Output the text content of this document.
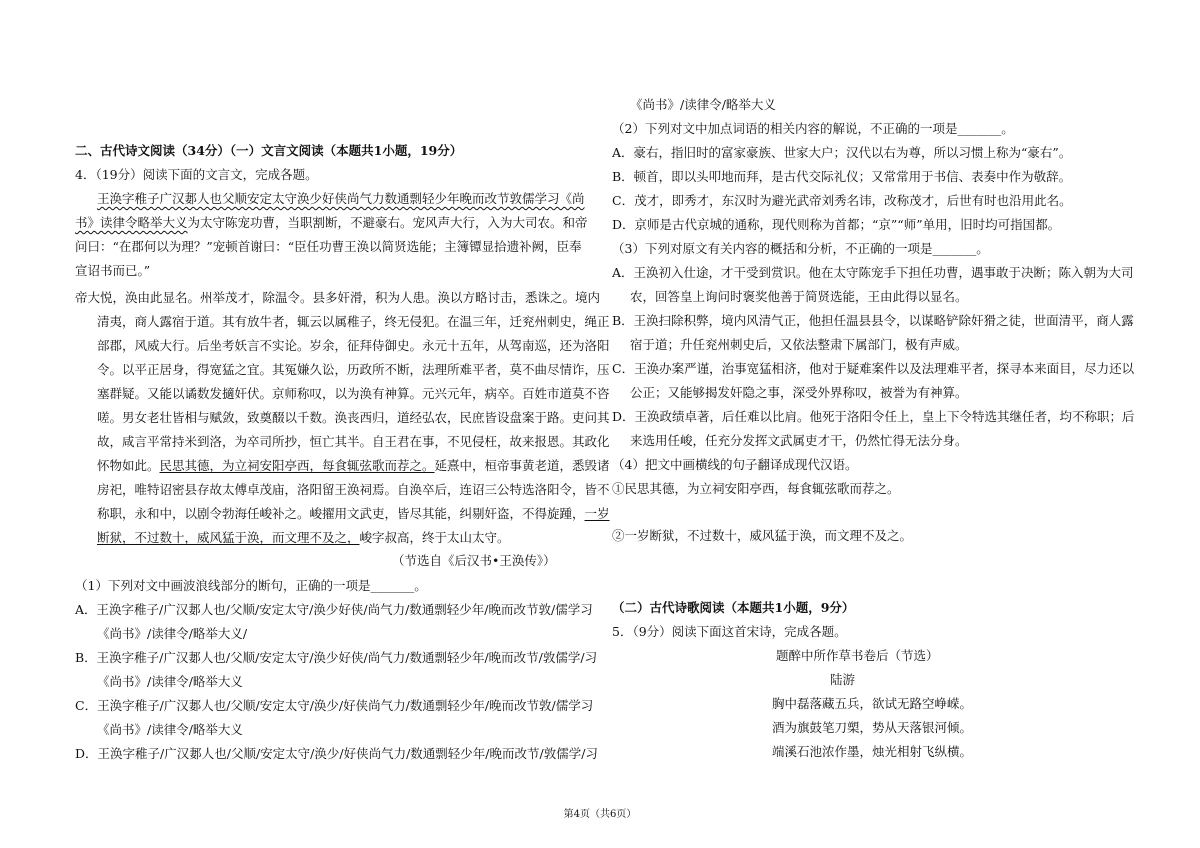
二、古代诗文阅读（34分）（一）文言文阅读（本题共1小题，19分）
4．（19分）阅读下面的文言文，完成各题。
王涣字稚子广汉郪人也父顺安定太守涣少好侠尚气力数通剽轻少年晚而改节敦儒学习《尚
书》读律令略举大义为太守陈宠功曹，当职割断，不避豪右。宠风声大行，入为大司农。和帝
问曰：“在郡何以为理？”宠顿首谢曰：“臣任功曹王涣以简贤选能；主簿镡显拾遗补阙，臣奉
宣诏书而已。”
帝大悦，涣由此显名。州举茂才，除温令。县多奸滑，积为人患。涣以方略讨击，悉诛之。境内
清夷，商人露宿于道。其有放牛者，辄云以属稚子，终无侵犯。在温三年，迁兖州刺史，绳正
部郡，风威大行。后坐考妖言不实论。岁余，征拜侍御史。永元十五年，从驾南巡，还为洛阳
令。以平正居身，得宽猛之宜。其冤嫌久讼，历政所不断，法理所难平者，莫不曲尽情诈，压
塞群疑。又能以谲数发擿奸伏。京师称叹，以为涣有神算。元兴元年，病卒。百姓市道莫不咨
嗟。男女老壮皆相与赋敛，致奠醊以千数。涣丧西归，道经弘农，民庶皆设盘案于路。吏问其
故，咸言平常持米到洛，为卒司所抄，恒亡其半。自王君在事，不见侵枉，故来报恩。其政化
怀物如此。民思其德，为立祠安阳亭西，每食辄弦歌而荐之。延熹中，桓帝事黄老道，悉毁诸
房祀，唯特诏密县存故太傅卓茂庙，洛阳留王涣祠焉。自涣卒后，连诏三公特选洛阳令，皆不
称职，永和中，以剧令勃海任峻补之。峻擢用文武吏，皆尽其能，纠剔奸盗，不得旋踵，一岁
断狱，不过数十，威风猛于涣，而文理不及之，峻字叔高，终于太山太守。
（节选自《后汉书•王涣传》）
（1）下列对文中画波浪线部分的断句，正确的一项是_______。
A．王涣字稚子/广汉郪人也/父顺/安定太守/涣少好侠/尚气力/数通剽轻少年/晚而改节敦/儒学习
《尚书》/读律令/略举大义/
B．王涣字稚子/广汉郪人也/父顺/安定太守/涣少好侠/尚气力/数通剽轻少年/晚而改节/敦儒学/习
《尚书》/读律令/略举大义
C．王涣字稚子/广汉郪人也/父顺/安定太守/涣少/好侠尚气力/数通剽轻少年/晚而改节敦/儒学习
《尚书》/读律令/略举大义
D．王涣字稚子/广汉郪人也/父顺/安定太守/涣少/好侠尚气力/数通剽轻少年/晚而改节/敦儒学/习
《尚书》/读律令/略举大义
（2）下列对文中加点词语的相关内容的解说，不正确的一项是_______。
A．豪右，指旧时的富家豪族、世家大户；汉代以右为尊，所以习惯上称为“豪右”。
B．顿首，即以头叩地而拜，是古代交际礼仪；又常常用于书信、表奏中作为敬辞。
C．茂才，即秀才，东汉时为避光武帝刘秀名讳，改称茂才，后世有时也沿用此名。
D．京师是古代京城的通称，现代则称为首都；“京”“师”单用，旧时均可指国都。
（3）下列对原文有关内容的概括和分析，不正确的一项是_______。
A．王涣初入仕途，才干受到赏识。他在太守陈宠手下担任功曹，遇事敢于决断；陈入朝为大司
农，回答皇上询问时褒奖他善于简贤选能，王由此得以显名。
B．王涣扫除积弊，境内风清气正，他担任温县县令，以谋略铲除奸猾之徒，世面清平，商人露
宿于道；升任兖州刺史后，又依法整肃下属部门，极有声威。
C．王涣办案严谨，治事宽猛相济，他对于疑难案件以及法理难平者，探寻本来面目，尽力还以
公正；又能够揭发奸隐之事，深受外界称叹，被誉为有神算。
D．王涣政绩卓著，后任难以比肩。他死于洛阳令任上，皇上下令特选其继任者，均不称职；后
来选用任峻，任充分发挥文武属吏才干，仍然忙得无法分身。
（4）把文中画横线的句子翻译成现代汉语。
①民思其德，为立祠安阳亭西，每食辄弦歌而荐之。
②一岁断狱，不过数十，威风猛于涣，而文理不及之。
（二）古代诗歌阅读（本题共1小题，9分）
5．（9分）阅读下面这首宋诗，完成各题。
题醉中所作草书卷后（节选）
陆游
胸中磊落藏五兵，欲试无路空峥嵘。
酒为旗鼓笔刀槊，势从天落银河倾。
端溪石池浓作墨，烛光相射飞纵横。
第4页（共6页）
